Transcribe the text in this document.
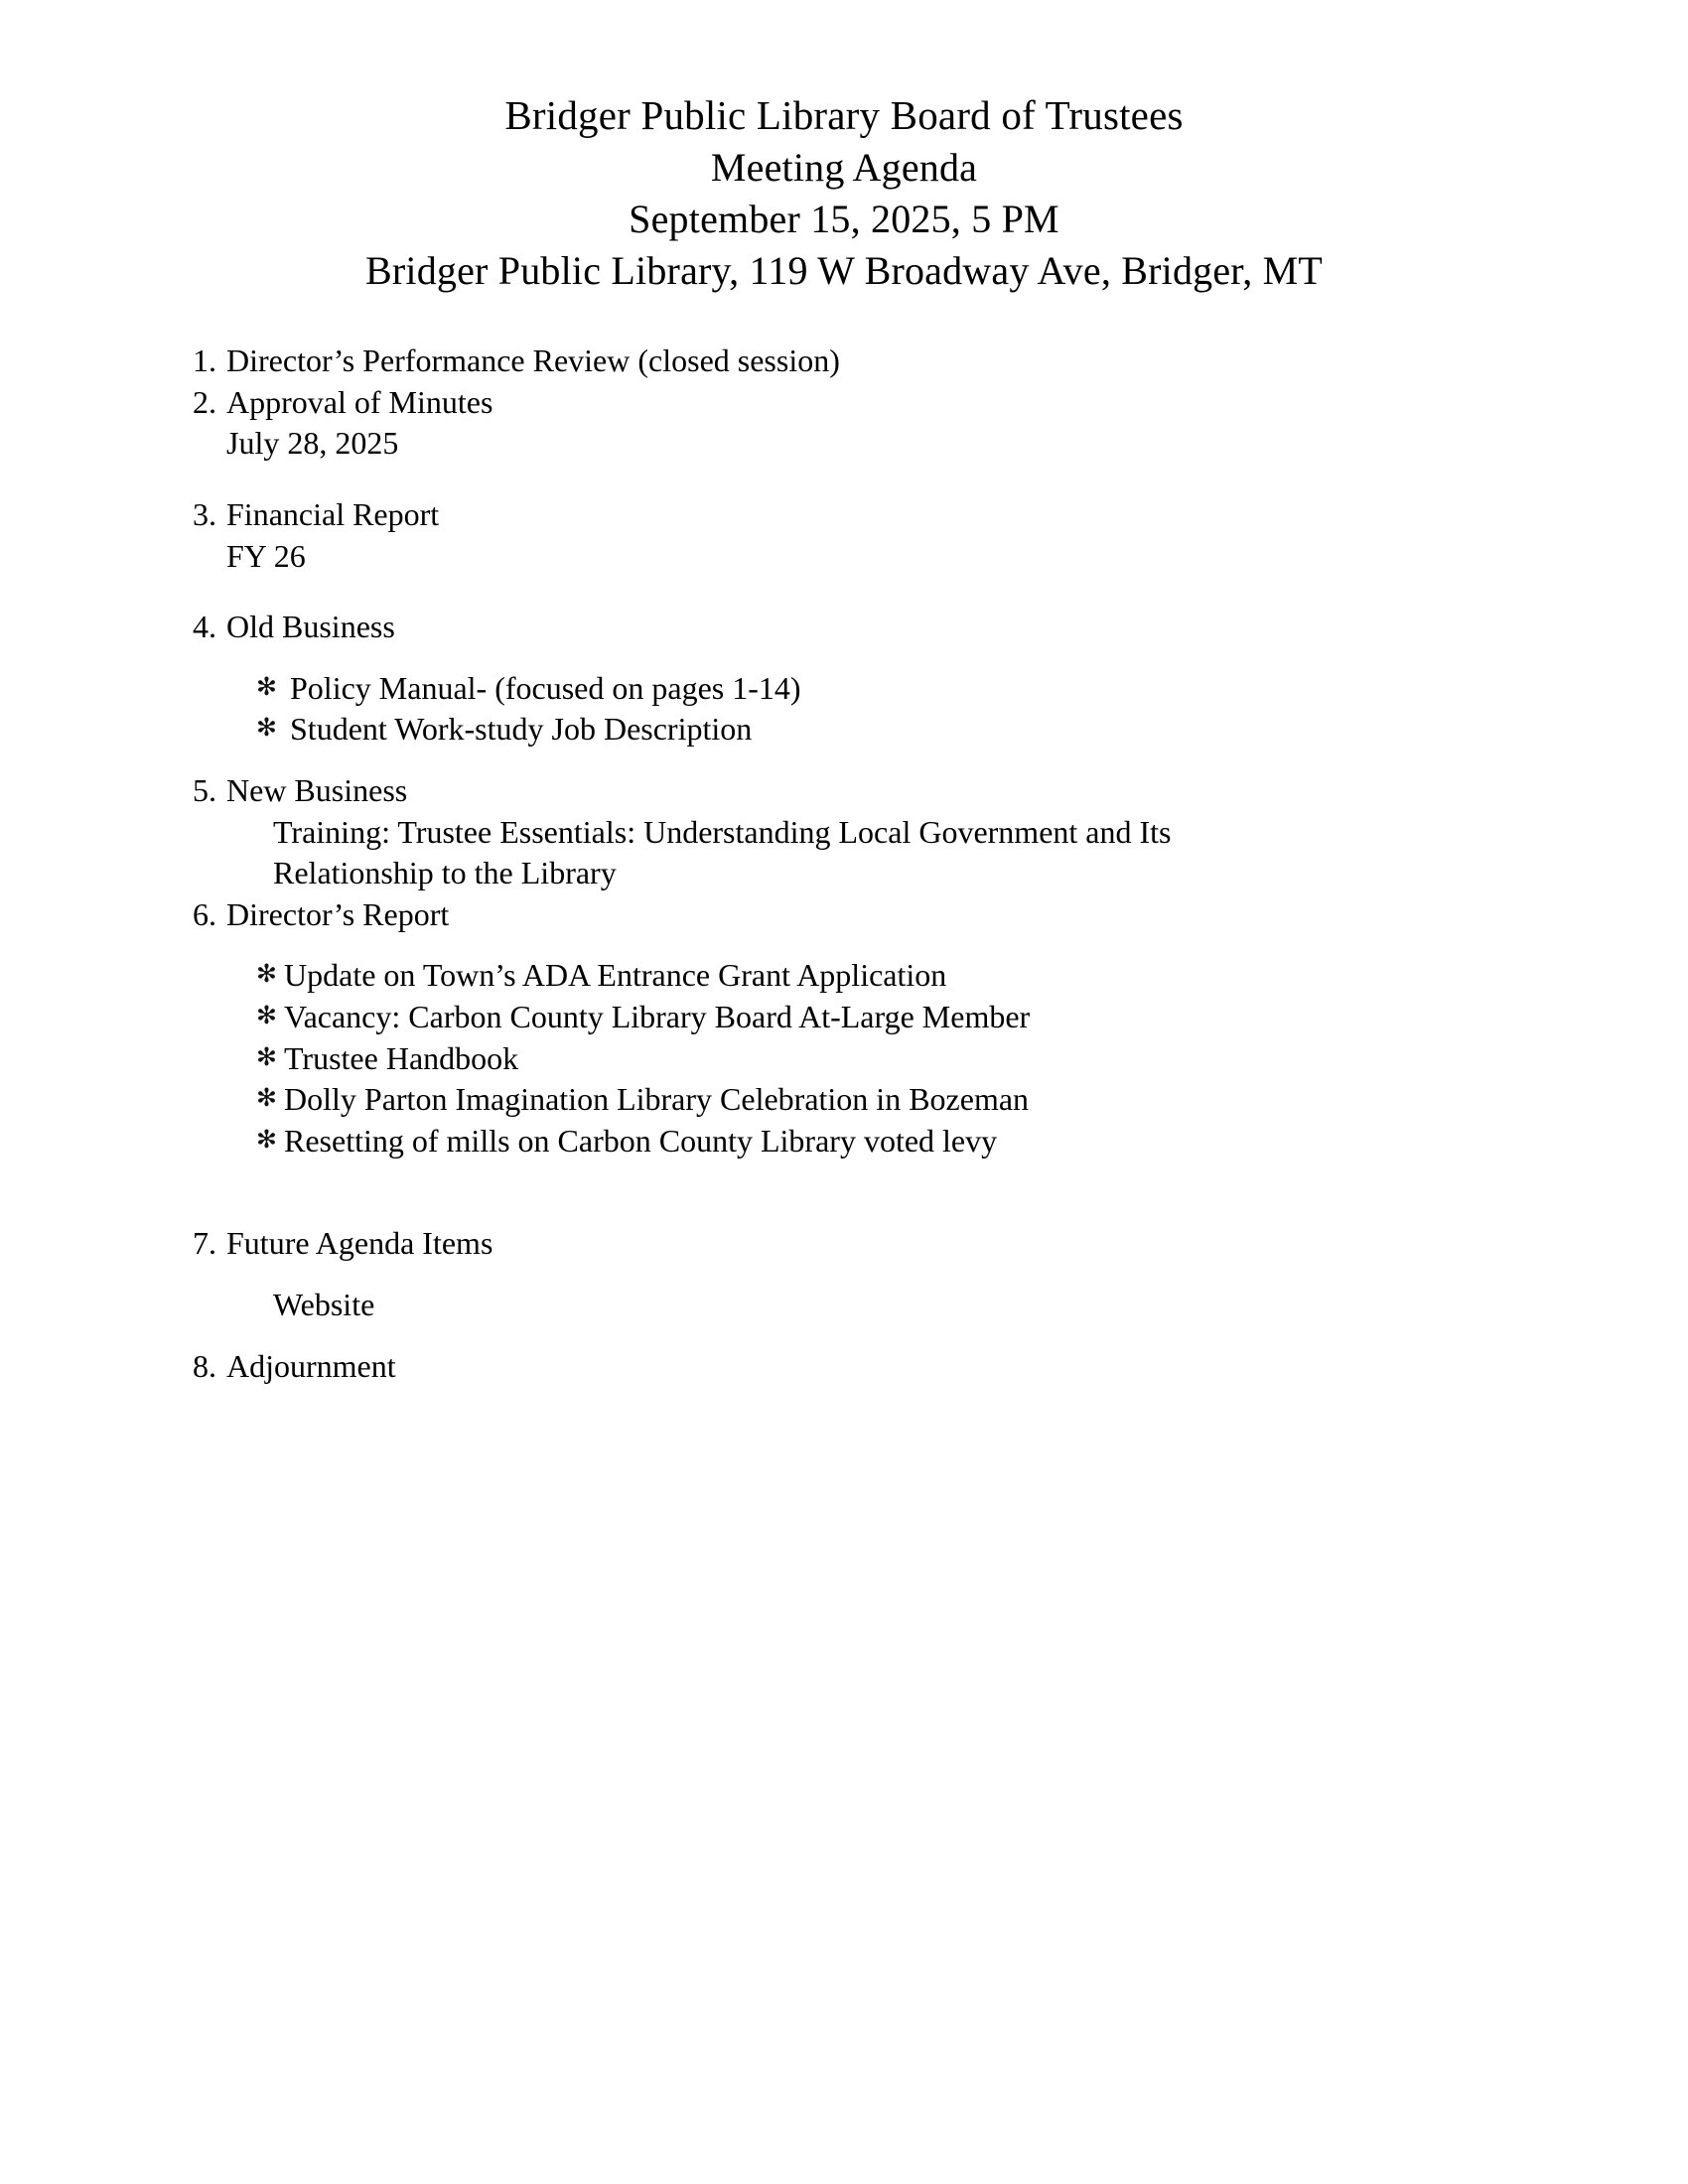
Bridger Public Library Board of Trustees
Meeting Agenda
September 15, 2025, 5 PM
Bridger Public Library, 119 W Broadway Ave, Bridger, MT
1. Director’s Performance Review (closed session)
2. Approval of Minutes
July 28, 2025
3. Financial Report
FY 26
4. Old Business
✻ Policy Manual- (focused on pages 1-14)
✻ Student Work-study Job Description
5. New Business
Training: Trustee Essentials: Understanding Local Government and Its
Relationship to the Library
6. Director’s Report
✻ Update on Town’s ADA Entrance Grant Application
✻ Vacancy: Carbon County Library Board At-Large Member
✻ Trustee Handbook
✻ Dolly Parton Imagination Library Celebration in Bozeman
✻ Resetting of mills on Carbon County Library voted levy
7. Future Agenda Items
Website
8. Adjournment
